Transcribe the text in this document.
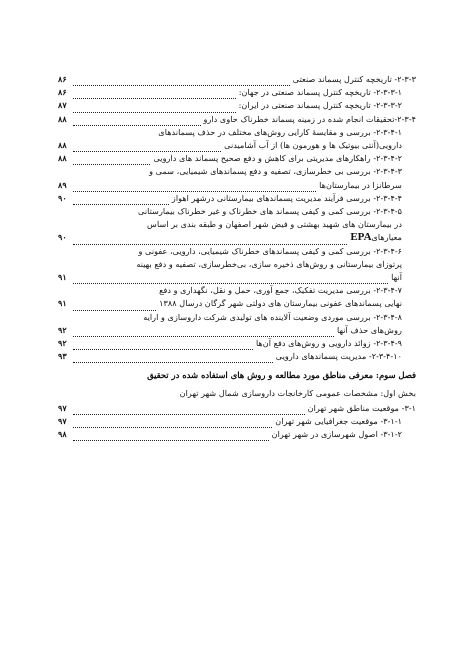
۲-۳-۳- تاریخچه کنترل پسماند صنعتی
۸۶
۲-۳-۳-۱- تاریخچه کنترل پسماند صنعتی در جهان:
۸۶
۲-۳-۳-۲- تاریخچه کنترل پسماند صنعتی در ایران:
۸۷
۲-۳-۴-تحقیقات انجام شده در زمینه پسماند خطرناک حاوی دارو
۸۸
۲-۳-۴-۱- بررسی و مقایسهٔ کارایی روش‌های مختلف در حذف پسماندهای
دارویی(آنتی بیوتیک ها و هورمون ها) از آب آشامیدنی
۸۸
۲-۳-۴-۲- راهکارهای مدیریتی برای کاهش و دفع صحیح پسماند های دارویی
۸۸
۲-۳-۴-۳- بررسی بی خطرسازی، تصفیه و دفع پسماندهای شیمیایی، سمی و
سرطانزا در بیمارستان‌ها
۸۹
۲-۳-۴-۴- بررسی فرآیند مدیریت پسماندهای بیمارستانی درشهر اهواز
۹۰
۲-۳-۴-۵- بررسی کمی و کیفی پسماند های خطرناک و غیر خطرناک بیمارستانی
در بیمارستان های شهید بهشتی و فیض شهر اصفهان و طبقه بندی بر اساس
معیارهای
EPA
۹۰
۲-۳-۴-۶- بررسی کمی و کیفی پسماندهای خطرناک شیمیایی، دارویی، عفونی و
پرتوزای بیمارستانی و روش‌های ذخیره سازی، بی‌خطرسازی، تصفیه و دفع بهینه
آنها
۹۱
۲-۳-۴-۷- بررسی مدیریت تفکیک، جمع آوری، حمل و نقل، نگهداری و دفع
نهایی پسماندهای عفونی بیمارستان های دولتی شهر گرگان درسال ۱۳۸۸
۹۱
۲-۳-۴-۸- بررسی موردی وضعیت آلاینده های تولیدی شرکت داروسازی و ارایه
روش‌های حذف آنها
۹۲
۲-۳-۴-۹- زوائد دارویی و روش‌های دفع آن‌ها
۹۲
۲-۳-۴-۱۰- مدیریت پسماندهای دارویی
۹۳
فصل سوم: معرفی مناطق مورد مطالعه و روش های استفاده شده در تحقیق
بخش اول: مشخصات عمومی کارخانجات داروسازی شمال شهر تهران
۳-۱- موقعیت مناطق شهر تهران
۹۷
۳-۱-۱- موقعیت جغرافیایی شهر تهران
۹۷
۳-۱-۲- اصول شهرسازی در شهر تهران
۹۸
